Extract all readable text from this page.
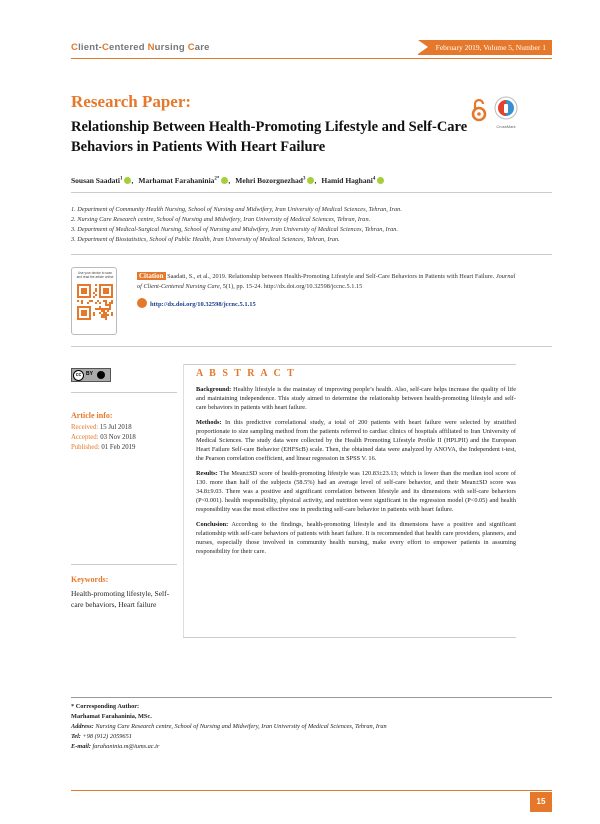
Client-Centered Nursing Care	February 2019, Volume 5, Number 1
Research Paper:
Relationship Between Health-Promoting Lifestyle and Self-Care Behaviors in Patients With Heart Failure
CrossMark
Sousan Saadati$^1$ ,Marhamat Farahaninia$^{2*}$ ,Mehri Bozorgnezhad$^3$ ,Hamid Haghani$^4$
1. Department of Community Health Nursing, School of Nursing and Midwifery, Iran University of Medical Sciences, Tehran, Iran.
2. Nursing Care Research centre, School of Nursing and Midwifery, Iran University of Medical Sciences, Tehran, Iran.
3. Department of Medical-Surgical Nursing, School of Nursing and Midwifery, Iran University of Medical Sciences, Tehran, Iran.
3. Department of Biostatistics, School of Public Health, Iran University of Medical Sciences, Tehran, Iran.
Use your device to scan and read the article online	Citation Saadati, S., et al., 2019. Relationship between Health-Promoting Lifestyle and Self-Care Behaviors in Patients with Heart Failure. Journal of Client-Centered Nursing Care, 5(1), pp. 15-24. http://dx.doi.org/10.32598/jccnc.5.1.15
http://dx.doi.org/10.32598/jccnc.5.1.15
cc BY
Article info:
Received: 15 Jul 2018
Accepted: 03 Nov 2018
Published: 01 Feb 2019
Keywords:
Health-promoting lifestyle, Self-care behaviors, Heart failure
A B S T R A C T

Background: Healthy lifestyle is the mainstay of improving people’s health. Also, self-care helps increase the quality of life and maintaining independence. This study aimed to determine the relationship between health-promoting lifestyle and self-care behaviors in patients with heart failure.

Methods: In this predictive correlational study, a total of 200 patients with heart failure were selected by stratified proportionate to size sampling method from the patients referred to cardiac clinics of hospitals affiliated to Iran University of Medical Sciences. The study data were collected by the Health Promoting Lifestyle Profile II (HPLPII) and the European Heart Failure Self-care Behavior (EHFScB) scale. Then, the obtained data were analyzed by ANOVA, the Independent t-test, the Pearson correlation coefficient, and linear regression in SPSS V. 16.

Results: The Mean±SD score of health-promoting lifestyle was 120.83±23.13; which is lower than the median tool score of 130. more than half of the subjects (58.5%) had an average level of self-care behavior, and their Mean±SD score was 34.8±9.03. There was a positive and significant correlation between lifestyle and its dimensions with self-care behaviors (P<0.001). health responsibility, physical activity, and nutrition were significant in the regression model (P<0.05) and health responsibility was the most effective one in predicting self-care behavior in patients with heart failure.

Conclusion: According to the findings, health-promoting lifestyle and its dimensions have a positive and significant relationship with self-care behaviors of patients with heart failure. It is recommended that health care providers, planners, and nurses, especially those involved in community health nursing, make every effort to empower patients in assuming responsibility for their care.

* Corresponding Author:
Marhamat Farahaninia, MSc.
Address: Nursing Care Research centre, School of Nursing and Midwifery, Iran University of Medical Sciences, Tehran, Iran
Tel: +98 (912) 2059651
E-mail: farahaninia.m@iums.ac.ir
15
